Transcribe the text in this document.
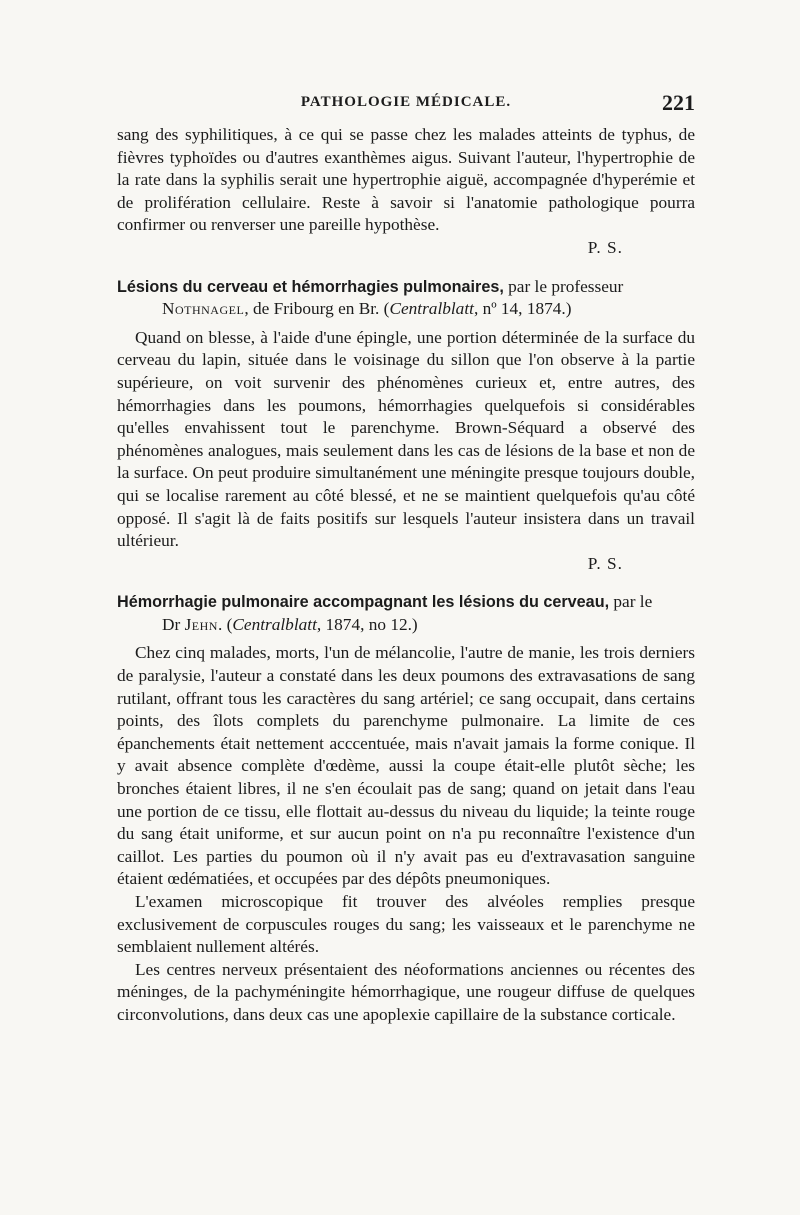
PATHOLOGIE MÉDICALE.	221

sang des syphilitiques, à ce qui se passe chez les malades atteints de typhus, de fièvres typhoïdes ou d'autres exanthèmes aigus. Suivant l'auteur, l'hypertrophie de la rate dans la syphilis serait une hypertrophie aiguë, accompagnée d'hyperémie et de prolifération cellulaire. Reste à savoir si l'anatomie pathologique pourra confirmer ou renverser une pareille hypothèse.

P. S.

Lésions du cerveau et hémorrhagies pulmonaires, par le professeur
Nothnagel, de Fribourg en Br. (Centralblatt, nº 14, 1874.)

Quand on blesse, à l'aide d'une épingle, une portion déterminée de la surface du cerveau du lapin, située dans le voisinage du sillon que l'on observe à la partie supérieure, on voit survenir des phénomènes curieux et, entre autres, des hémorrhagies dans les poumons, hémorrhagies quelquefois si considérables qu'elles envahissent tout le parenchyme. Brown-Séquard a observé des phénomènes analogues, mais seulement dans les cas de lésions de la base et non de la surface. On peut produire simultanément une méningite presque toujours double, qui se localise rarement au côté blessé, et ne se maintient quelquefois qu'au côté opposé. Il s'agit là de faits positifs sur lesquels l'auteur insistera dans un travail ultérieur.

P. S.

Hémorrhagie pulmonaire accompagnant les lésions du cerveau, par le
Dr Jehn. (Centralblatt, 1874, no 12.)

Chez cinq malades, morts, l'un de mélancolie, l'autre de manie, les trois derniers de paralysie, l'auteur a constaté dans les deux poumons des extravasations de sang rutilant, offrant tous les caractères du sang artériel; ce sang occupait, dans certains points, des îlots complets du parenchyme pulmonaire. La limite de ces épanchements était nettement acccentuée, mais n'avait jamais la forme conique. Il y avait absence complète d'œdème, aussi la coupe était-elle plutôt sèche; les bronches étaient libres, il ne s'en écoulait pas de sang; quand on jetait dans l'eau une portion de ce tissu, elle flottait au-dessus du niveau du liquide; la teinte rouge du sang était uniforme, et sur aucun point on n'a pu reconnaître l'existence d'un caillot. Les parties du poumon où il n'y avait pas eu d'extravasation sanguine étaient œdématiées, et occupées par des dépôts pneumoniques.

L'examen microscopique fit trouver des alvéoles remplies presque exclusivement de corpuscules rouges du sang; les vaisseaux et le parenchyme ne semblaient nullement altérés.

Les centres nerveux présentaient des néoformations anciennes ou récentes des méninges, de la pachyméningite hémorrhagique, une rougeur diffuse de quelques circonvolutions, dans deux cas une apoplexie capillaire de la substance corticale.
